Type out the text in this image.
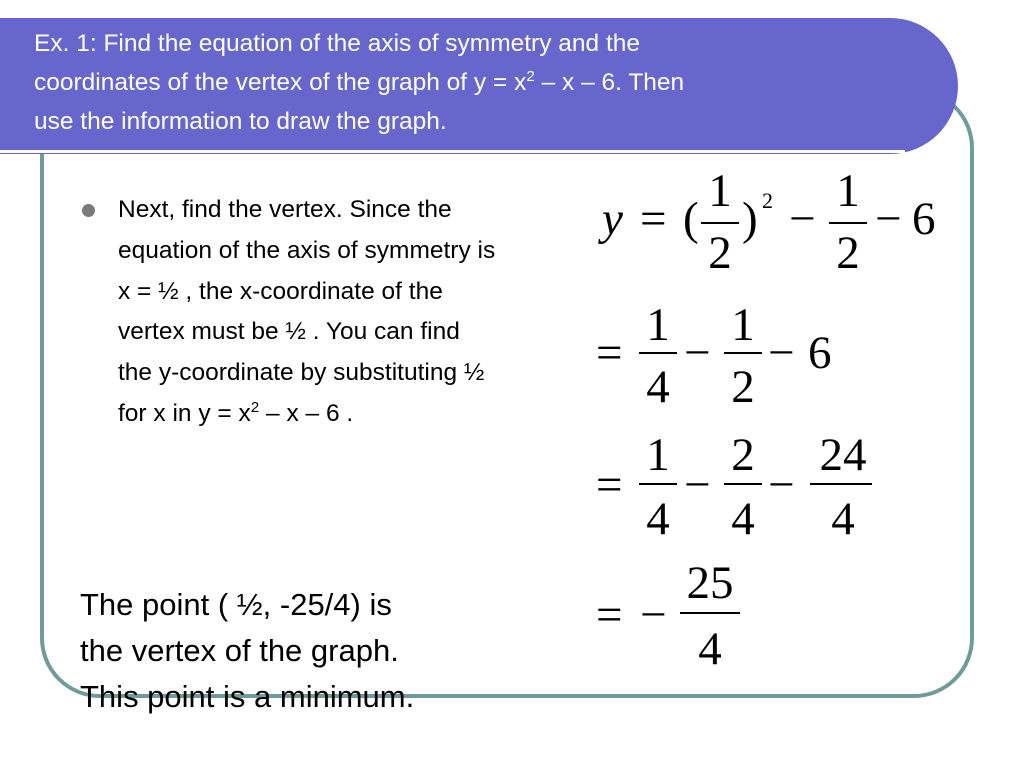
Ex. 1: Find the equation of the axis of symmetry and the
coordinates of the vertex of the graph of $y = x^2 - x - 6$. Then
use the information to draw the graph.
Next, find the vertex. Since the equation of the axis of symmetry is x = ½ , the x-coordinate of the vertex must be ½ . You can find the y-coordinate by substituting ½ for x in $y = x^2 - x - 6$ .
The point ( ½, -25/4) is
the vertex of the graph.
This point is a minimum.
y = (
1
2
) 2 −
1
2
− 6
=
1
4
−
1
2
− 6
=
1
4
−
2
4
−
24
4
= −
25
4
